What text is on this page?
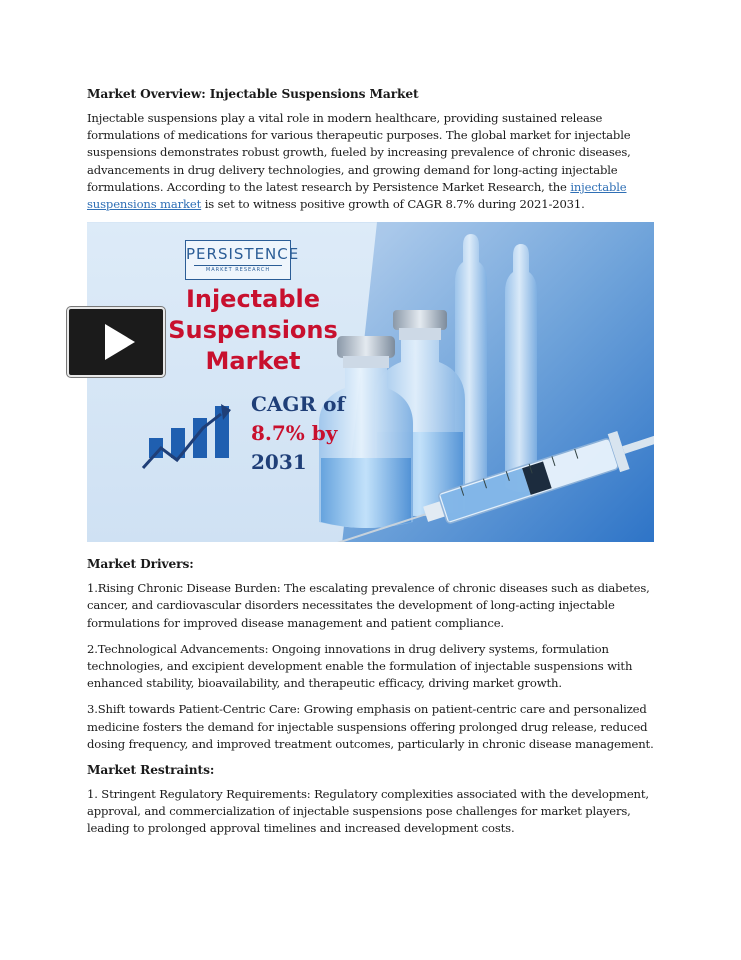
Market Overview: Injectable Suspensions Market

Injectable suspensions play a vital role in modern healthcare, providing sustained release formulations of medications for various therapeutic purposes. The global market for injectable suspensions demonstrates robust growth, fueled by increasing prevalence of chronic diseases, advancements in drug delivery technologies, and growing demand for long-acting injectable formulations. According to the latest research by Persistence Market Research, the injectable suspensions market is set to witness positive growth of CAGR 8.7% during 2021-2031.

PERSISTENCE
MARKET RESEARCH
Injectable
Suspensions
Market
CAGR of
8.7% by
2031
Market Drivers:

1.Rising Chronic Disease Burden: The escalating prevalence of chronic diseases such as diabetes, cancer, and cardiovascular disorders necessitates the development of long-acting injectable formulations for improved disease management and patient compliance.

2.Technological Advancements: Ongoing innovations in drug delivery systems, formulation technologies, and excipient development enable the formulation of injectable suspensions with enhanced stability, bioavailability, and therapeutic efficacy, driving market growth.

3.Shift towards Patient-Centric Care: Growing emphasis on patient-centric care and personalized medicine fosters the demand for injectable suspensions offering prolonged drug release, reduced dosing frequency, and improved treatment outcomes, particularly in chronic disease management.

Market Restraints:

1. Stringent Regulatory Requirements: Regulatory complexities associated with the development, approval, and commercialization of injectable suspensions pose challenges for market players, leading to prolonged approval timelines and increased development costs.
